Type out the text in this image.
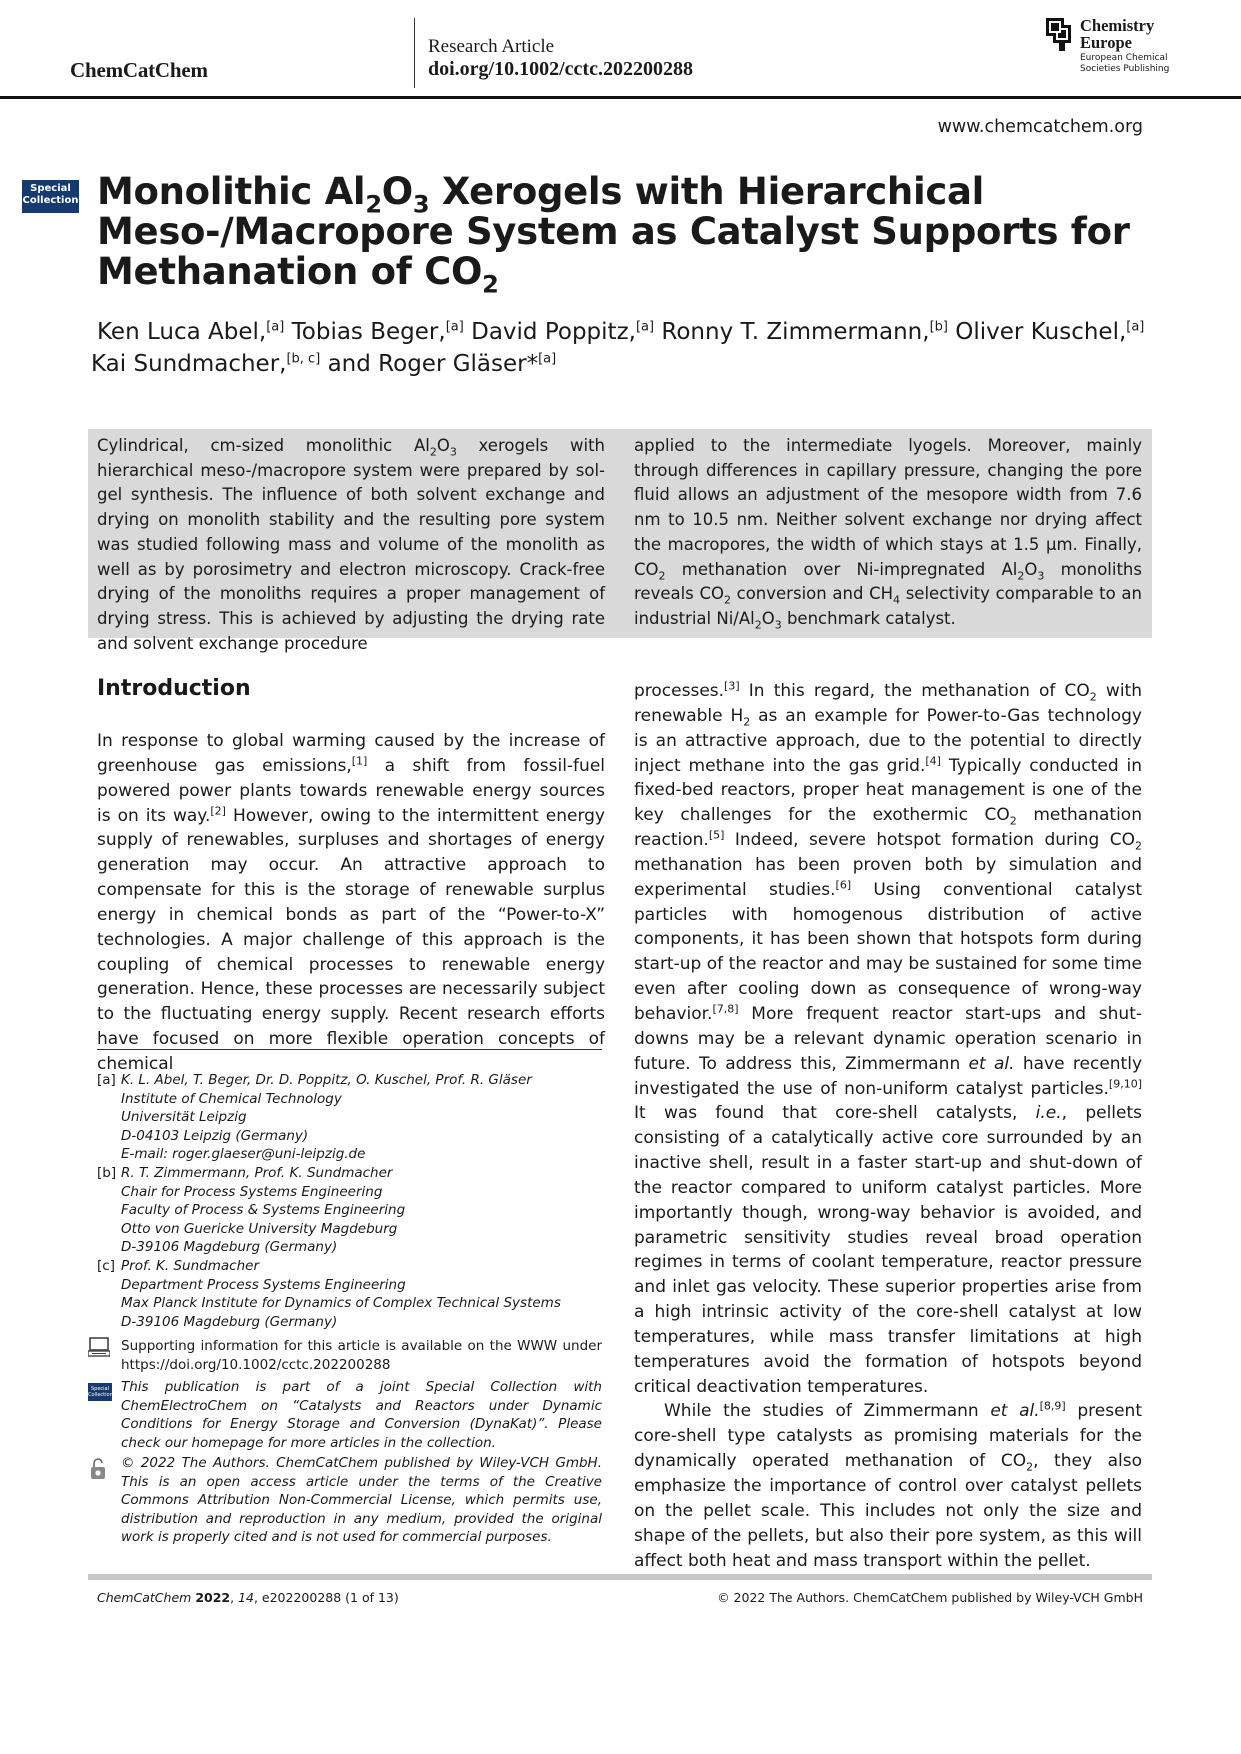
ChemCatChem
Research Article
doi.org/10.1002/cctc.202200288
Chemistry
Europe
European Chemical
Societies Publishing
www.chemcatchem.org
Special
Collection Monolithic $Al_2O_3$ Xerogels with Hierarchical Meso-/Macropore System as Catalyst Supports for Methanation of $CO_2$
Ken Luca Abel,[a] Tobias Beger,[a] David Poppitz,[a] Ronny T. Zimmermann,[b] Oliver Kuschel,[a]
Kai Sundmacher,[b, c] and Roger Gläser*[a]
Cylindrical, cm-sized monolithic $Al_2O_3$ xerogels with hierarchical meso-/macropore system were prepared by sol-gel synthesis. The influence of both solvent exchange and drying on monolith stability and the resulting pore system was studied following mass and volume of the monolith as well as by porosimetry and electron microscopy. Crack-free drying of the monoliths requires a proper management of drying stress. This is achieved by adjusting the drying rate and solvent exchange procedure
applied to the intermediate lyogels. Moreover, mainly through differences in capillary pressure, changing the pore fluid allows an adjustment of the mesopore width from 7.6 nm to 10.5 nm. Neither solvent exchange nor drying affect the macropores, the width of which stays at 1.5 μm. Finally, $CO_2$ methanation over Ni-impregnated $Al_2O_3$ monoliths reveals $CO_2$ conversion and $CH_4$ selectivity comparable to an industrial $Ni/Al_2O_3$ benchmark catalyst.
Introduction

In response to global warming caused by the increase of greenhouse gas emissions,[1] a shift from fossil-fuel powered power plants towards renewable energy sources is on its way.[2] However, owing to the intermittent energy supply of renewables, surpluses and shortages of energy generation may occur. An attractive approach to compensate for this is the storage of renewable surplus energy in chemical bonds as part of the “Power-to-X” technologies. A major challenge of this approach is the coupling of chemical processes to renewable energy generation. Hence, these processes are necessarily subject to the fluctuating energy supply. Recent research efforts have focused on more flexible operation concepts of chemical

[a] K. L. Abel, T. Beger, Dr. D. Poppitz, O. Kuschel, Prof. R. Gläser
Institute of Chemical Technology
Universität Leipzig
D-04103 Leipzig (Germany)
E-mail: roger.glaeser@uni-leipzig.de
[b] R. T. Zimmermann, Prof. K. Sundmacher
Chair for Process Systems Engineering
Faculty of Process & Systems Engineering
Otto von Guericke University Magdeburg
D-39106 Magdeburg (Germany)
[c] Prof. K. Sundmacher
Department Process Systems Engineering
Max Planck Institute for Dynamics of Complex Technical Systems
D-39106 Magdeburg (Germany)
Supporting information for this article is available on the WWW under https://doi.org/10.1002/cctc.202200288
Special
Collection This publication is part of a joint Special Collection with ChemElectroChem on “Catalysts and Reactors under Dynamic Conditions for Energy Storage and Conversion (DynaKat)”. Please check our homepage for more articles in the collection.
© 2022 The Authors. ChemCatChem published by Wiley-VCH GmbH. This is an open access article under the terms of the Creative Commons Attribution Non-Commercial License, which permits use, distribution and reproduction in any medium, provided the original work is properly cited and is not used for commercial purposes.

processes.[3] In this regard, the methanation of $CO_2$ with renewable $H_2$ as an example for Power-to-Gas technology is an attractive approach, due to the potential to directly inject methane into the gas grid.[4] Typically conducted in fixed-bed reactors, proper heat management is one of the key challenges for the exothermic $CO_2$ methanation reaction.[5] Indeed, severe hotspot formation during $CO_2$ methanation has been proven both by simulation and experimental studies.[6] Using conventional catalyst particles with homogenous distribution of active components, it has been shown that hotspots form during start-up of the reactor and may be sustained for some time even after cooling down as consequence of wrong-way behavior.[7,8] More frequent reactor start-ups and shut-downs may be a relevant dynamic operation scenario in future. To address this, Zimmermann et al. have recently investigated the use of non-uniform catalyst particles.[9,10] It was found that core-shell catalysts, i.e., pellets consisting of a catalytically active core surrounded by an inactive shell, result in a faster start-up and shut-down of the reactor compared to uniform catalyst particles. More importantly though, wrong-way behavior is avoided, and parametric sensitivity studies reveal broad operation regimes in terms of coolant temperature, reactor pressure and inlet gas velocity. These superior properties arise from a high intrinsic activity of the core-shell catalyst at low temperatures, while mass transfer limitations at high temperatures avoid the formation of hotspots beyond critical deactivation temperatures.

While the studies of Zimmermann et al.[8,9] present core-shell type catalysts as promising materials for the dynamically operated methanation of $CO_2$, they also emphasize the importance of control over catalyst pellets on the pellet scale. This includes not only the size and shape of the pellets, but also their pore system, as this will affect both heat and mass transport within the pellet.

ChemCatChem 2022, 14, e202200288 (1 of 13)	© 2022 The Authors. ChemCatChem published by Wiley-VCH GmbH
